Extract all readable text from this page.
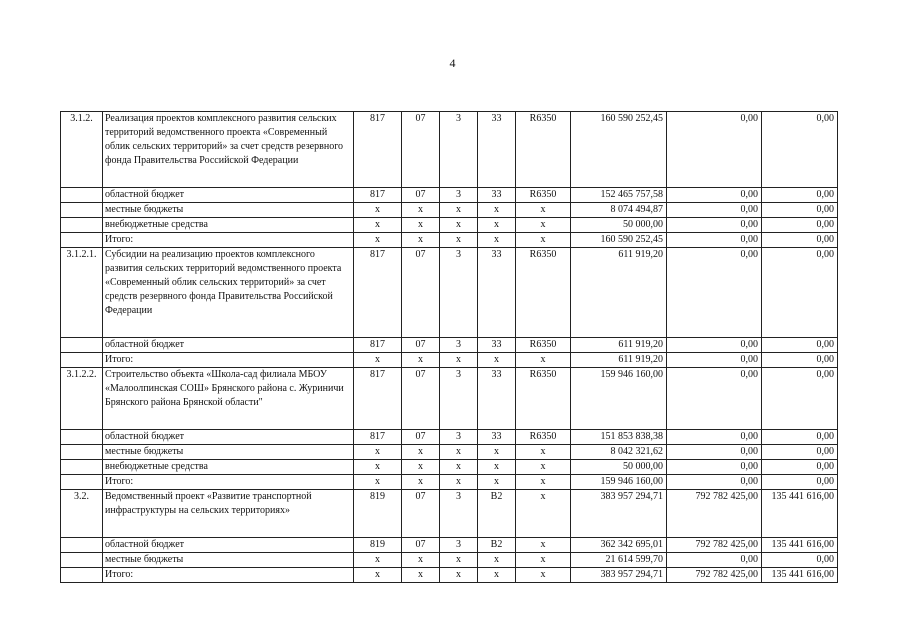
4
3.1.2.	Реализация проектов комплексного развития сельских территорий ведомственного проекта «Современный облик сельских территорий» за счет средств резервного фонда Правительства Российской Федерации	817	07	3	33	R6350	160 590 252,45	0,00	0,00
	областной бюджет	817	07	3	33	R6350	152 465 757,58	0,00	0,00
	местные бюджеты	x	x	x	x	x	8 074 494,87	0,00	0,00
	внебюджетные средства	x	x	x	x	x	50 000,00	0,00	0,00
	Итого:	x	x	x	x	x	160 590 252,45	0,00	0,00
3.1.2.1.	Субсидии на реализацию проектов комплексного развития сельских территорий ведомственного проекта «Современный облик сельских территорий» за счет средств резервного фонда Правительства Российской Федерации	817	07	3	33	R6350	611 919,20	0,00	0,00
	областной бюджет	817	07	3	33	R6350	611 919,20	0,00	0,00
	Итого:	x	x	x	x	x	611 919,20	0,00	0,00
3.1.2.2.	Строительство объекта «Школа-сад филиала МБОУ «Малоолпинская СОШ» Брянского района с. Журиничи Брянского района Брянской области"	817	07	3	33	R6350	159 946 160,00	0,00	0,00
	областной бюджет	817	07	3	33	R6350	151 853 838,38	0,00	0,00
	местные бюджеты	x	x	x	x	x	8 042 321,62	0,00	0,00
	внебюджетные средства	x	x	x	x	x	50 000,00	0,00	0,00
	Итого:	x	x	x	x	x	159 946 160,00	0,00	0,00
3.2.	Ведомственный проект «Развитие транспортной инфраструктуры на сельских территориях»	819	07	3	В2	x	383 957 294,71	792 782 425,00	135 441 616,00
	областной бюджет	819	07	3	В2	x	362 342 695,01	792 782 425,00	135 441 616,00
	местные бюджеты	x	x	x	x	x	21 614 599,70	0,00	0,00
	Итого:	x	x	x	x	x	383 957 294,71	792 782 425,00	135 441 616,00
